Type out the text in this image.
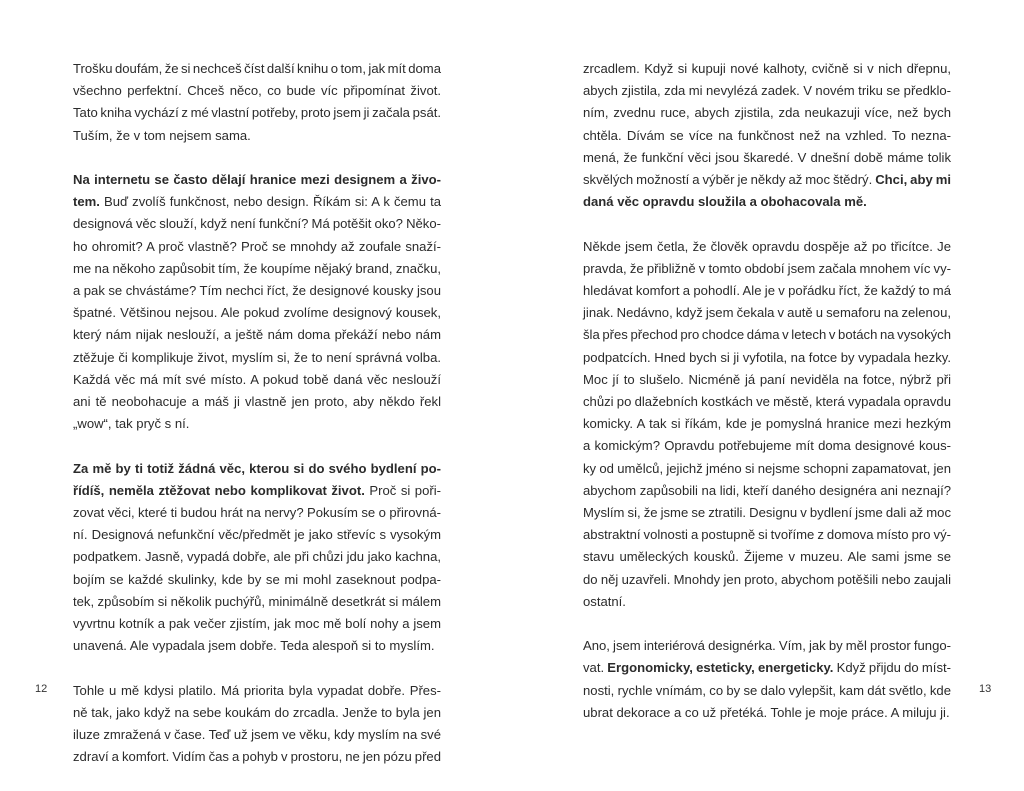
Trošku doufám, že si nechceš číst další knihu o tom, jak mít doma
všechno perfektní. Chceš něco, co bude víc připomínat život.
Tato kniha vychází z mé vlastní potřeby, proto jsem ji začala psát.
Tuším, že v tom nejsem sama.
Na internetu se často dělají hranice mezi designem a živo-
tem. Buď zvolíš funkčnost, nebo design. Říkám si: A k čemu ta
designová věc slouží, když není funkční? Má potěšit oko? Něko-
ho ohromit? A proč vlastně? Proč se mnohdy až zoufale snaží-
me na někoho zapůsobit tím, že koupíme nějaký brand, značku,
a pak se chvástáme? Tím nechci říct, že designové kousky jsou
špatné. Většinou nejsou. Ale pokud zvolíme designový kousek,
který nám nijak neslouží, a ještě nám doma překáží nebo nám
ztěžuje či komplikuje život, myslím si, že to není správná volba.
Každá věc má mít své místo. A pokud tobě daná věc neslouží
ani tě neobohacuje a máš ji vlastně jen proto, aby někdo řekl
„wow“, tak pryč s ní.
Za mě by ti totiž žádná věc, kterou si do svého bydlení po-
řídíš, neměla ztěžovat nebo komplikovat život. Proč si poři-
zovat věci, které ti budou hrát na nervy? Pokusím se o přirovná-
ní. Designová nefunkční věc/předmět je jako střevíc s vysokým
podpatkem. Jasně, vypadá dobře, ale při chůzi jdu jako kachna,
bojím se každé skulinky, kde by se mi mohl zaseknout podpa-
tek, způsobím si několik puchýřů, minimálně desetkrát si málem
vyvrtnu kotník a pak večer zjistím, jak moc mě bolí nohy a jsem
unavená. Ale vypadala jsem dobře. Teda alespoň si to myslím.
Tohle u mě kdysi platilo. Má priorita byla vypadat dobře. Přes-
ně tak, jako když na sebe koukám do zrcadla. Jenže to byla jen
iluze zmražená v čase. Teď už jsem ve věku, kdy myslím na své
zdraví a komfort. Vidím čas a pohyb v prostoru, ne jen pózu před
12
zrcadlem. Když si kupuji nové kalhoty, cvičně si v nich dřepnu,
abych zjistila, zda mi nevylézá zadek. V novém triku se předklo-
ním, zvednu ruce, abych zjistila, zda neukazuji více, než bych
chtěla. Dívám se více na funkčnost než na vzhled. To nezna-
mená, že funkční věci jsou škaredé. V dnešní době máme tolik
skvělých možností a výběr je někdy až moc štědrý. Chci, aby mi
daná věc opravdu sloužila a obohacovala mě.
Někde jsem četla, že člověk opravdu dospěje až po třicítce. Je
pravda, že přibližně v tomto období jsem začala mnohem víc vy-
hledávat komfort a pohodlí. Ale je v pořádku říct, že každý to má
jinak. Nedávno, když jsem čekala v autě u semaforu na zelenou,
šla přes přechod pro chodce dáma v letech v botách na vysokých
podpatcích. Hned bych si ji vyfotila, na fotce by vypadala hezky.
Moc jí to slušelo. Nicméně já paní neviděla na fotce, nýbrž při
chůzi po dlažebních kostkách ve městě, která vypadala opravdu
komicky. A tak si říkám, kde je pomyslná hranice mezi hezkým
a komickým? Opravdu potřebujeme mít doma designové kous-
ky od umělců, jejichž jméno si nejsme schopni zapamatovat, jen
abychom zapůsobili na lidi, kteří daného designéra ani neznají?
Myslím si, že jsme se ztratili. Designu v bydlení jsme dali až moc
abstraktní volnosti a postupně si tvoříme z domova místo pro vý-
stavu uměleckých kousků. Žijeme v muzeu. Ale sami jsme se
do něj uzavřeli. Mnohdy jen proto, abychom potěšili nebo zaujali
ostatní.
Ano, jsem interiérová designérka. Vím, jak by měl prostor fungo-
vat. Ergonomicky, esteticky, energeticky. Když přijdu do míst-
nosti, rychle vnímám, co by se dalo vylepšit, kam dát světlo, kde
ubrat dekorace a co už přetéká. Tohle je moje práce. A miluju ji.
13
